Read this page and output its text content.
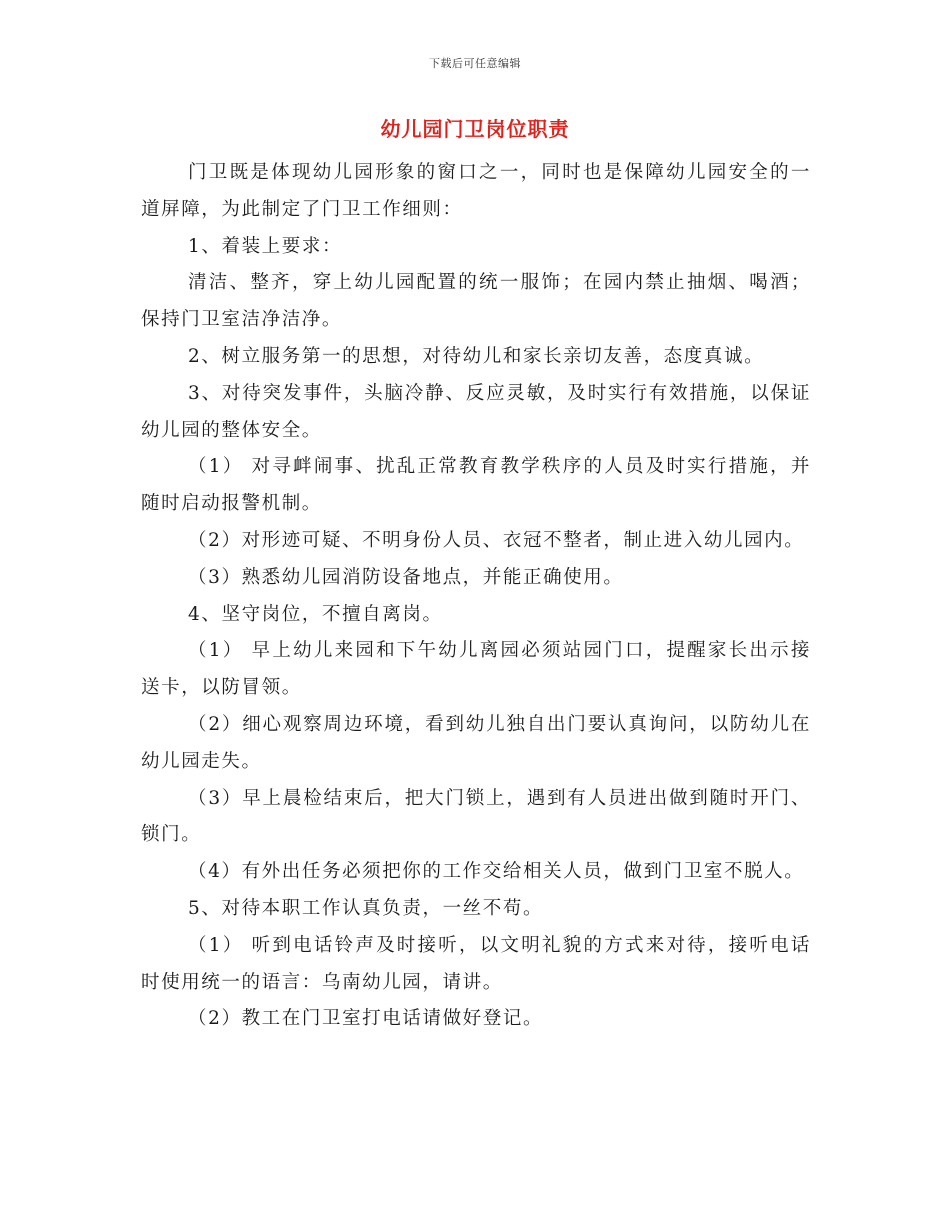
下载后可任意编辑
幼儿园门卫岗位职责

门卫既是体现幼儿园形象的窗口之一，同时也是保障幼儿园安全的一道屏障，为此制定了门卫工作细则：

1、着装上要求：

清洁、整齐，穿上幼儿园配置的统一服饰；在园内禁止抽烟、喝酒；保持门卫室洁净洁净。

2、树立服务第一的思想，对待幼儿和家长亲切友善，态度真诚。

3、对待突发事件，头脑冷静、反应灵敏，及时实行有效措施，以保证幼儿园的整体安全。

（1） 对寻衅闹事、扰乱正常教育教学秩序的人员及时实行措施，并随时启动报警机制。

（2）对形迹可疑、不明身份人员、衣冠不整者，制止进入幼儿园内。

（3）熟悉幼儿园消防设备地点，并能正确使用。

4、坚守岗位，不擅自离岗。

（1） 早上幼儿来园和下午幼儿离园必须站园门口，提醒家长出示接送卡，以防冒领。

（2）细心观察周边环境，看到幼儿独自出门要认真询问，以防幼儿在幼儿园走失。

（3）早上晨检结束后，把大门锁上，遇到有人员进出做到随时开门、锁门。

（4）有外出任务必须把你的工作交给相关人员，做到门卫室不脱人。

5、对待本职工作认真负责，一丝不苟。

（1） 听到电话铃声及时接听，以文明礼貌的方式来对待，接听电话时使用统一的语言：乌南幼儿园，请讲。

（2）教工在门卫室打电话请做好登记。
